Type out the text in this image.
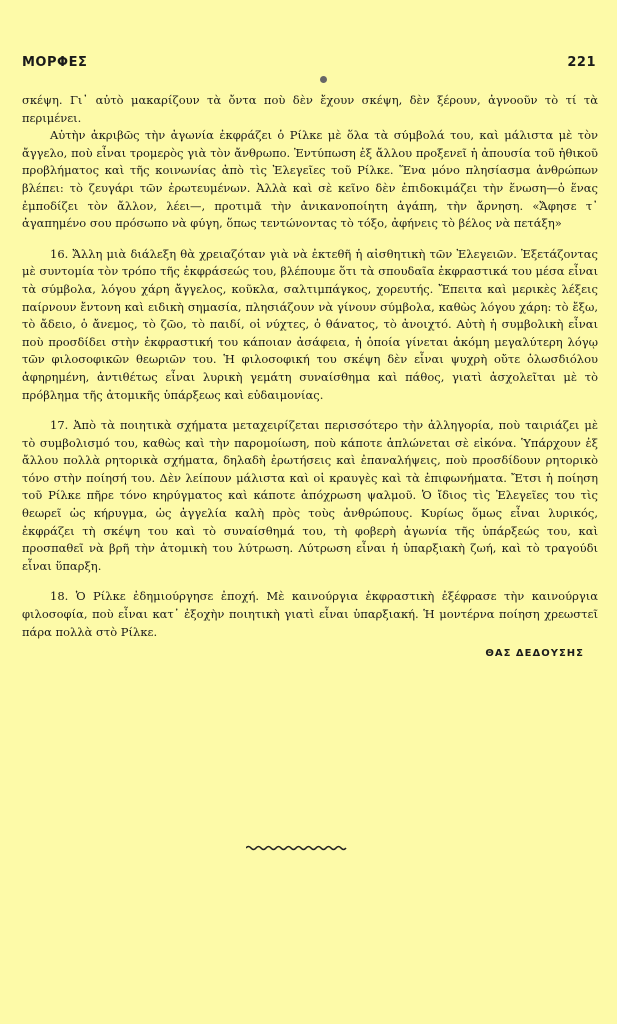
ΜΟΡΦΕΣ	221

σκέψη. Γι᾽ αὐτὸ μακαρίζουν τὰ ὄντα ποὺ δὲν ἔχουν σκέψη, δὲν ξέρουν, ἀγνοοῦν τὸ τί τὰ περιμένει.

Αὐτὴν ἀκριβῶς τὴν ἀγωνία ἐκφράζει ὁ Ρίλκε μὲ ὅλα τὰ σύμβολά του, καὶ μάλιστα μὲ τὸν ἄγγελο, ποὺ εἶναι τρομερὸς γιὰ τὸν ἄνθρωπο. Ἐντύπωση ἐξ ἄλλου προξενεῖ ἡ ἀπουσία τοῦ ἠθικοῦ προβλήματος καὶ τῆς κοινωνίας ἀπὸ τὶς Ἐλεγεῖες τοῦ Ρίλκε. Ἕνα μόνο πλησίασμα ἀνθρώπων βλέπει: τὸ ζευγάρι τῶν ἐρωτευμένων. Ἀλλὰ καὶ σὲ κεῖνο δὲν ἐπιδοκιμάζει τὴν ἕνωση—ὁ ἕνας ἐμποδίζει τὸν ἄλλον, λέει—, προτιμᾶ τὴν ἀνικανοποίητη ἀγάπη, τὴν ἄρνηση. «Ἄφησε τ᾽ ἀγαπημένο σου πρόσωπο νὰ φύγη, ὅπως τεντώνοντας τὸ τόξο, ἀφήνεις τὸ βέλος νὰ πετάξη»

16. Ἄλλη μιὰ διάλεξη θὰ χρειαζόταν γιὰ νὰ ἐκτεθῆ ἡ αἰσθητικὴ τῶν Ἐλεγειῶν. Ἐξετάζοντας μὲ συντομία τὸν τρόπο τῆς ἐκφράσεώς του, βλέπουμε ὅτι τὰ σπουδαῖα ἐκφραστικά του μέσα εἶναι τὰ σύμβολα, λόγου χάρη ἄγγελος, κοῦκλα, σαλτιμπάγκος, χορευτής. Ἔπειτα καὶ μερικὲς λέξεις παίρνουν ἔντονη καὶ ειδικὴ σημασία, πλησιάζουν νὰ γίνουν σύμβολα, καθὼς λόγου χάρη: τὸ ἔξω, τὸ ἄδειο, ὁ ἄνεμος, τὸ ζῶο, τὸ παιδί, οἱ νύχτες, ὁ θάνατος, τὸ ἀνοιχτό. Αὐτὴ ἡ συμβολικὴ εἶναι ποὺ προσδίδει στὴν ἐκφραστική του κάποιαν ἀσάφεια, ἡ ὁποία γίνεται ἀκόμη μεγαλύτερη λόγῳ τῶν φιλοσοφικῶν θεωριῶν του. Ἡ φιλοσοφική του σκέψη δὲν εἶναι ψυχρὴ οὔτε ὁλωσδιόλου ἀφηρημένη, ἀντιθέτως εἶναι λυρικὴ γεμάτη συναίσθημα καὶ πάθος, γιατὶ ἀσχολεῖται μὲ τὸ πρόβλημα τῆς ἀτομικῆς ὑπάρξεως καὶ εὐδαιμονίας.

17. Ἀπὸ τὰ ποιητικὰ σχήματα μεταχειρίζεται περισσότερο τὴν ἀλληγορία, ποὺ ταιριάζει μὲ τὸ συμβολισμό του, καθὼς καὶ τὴν παρομοίωση, ποὺ κάποτε ἁπλώνεται σὲ εἰκόνα. Ὑπάρχουν ἐξ ἄλλου πολλὰ ρητορικὰ σχήματα, δηλαδὴ ἐρωτήσεις καὶ ἐπαναλήψεις, ποὺ προσδίδουν ρητορικὸ τόνο στὴν ποίησή του. Δὲν λείπουν μάλιστα καὶ οἱ κραυγὲς καὶ τὰ ἐπιφωνήματα. Ἔτσι ἡ ποίηση τοῦ Ρίλκε πῆρε τόνο κηρύγματος καὶ κάποτε ἀπόχρωση ψαλμοῦ. Ὁ ἴδιος τὶς Ἐλεγεῖες του τὶς θεωρεῖ ὡς κήρυγμα, ὡς ἀγγελία καλὴ πρὸς τοὺς ἀνθρώπους. Κυρίως ὅμως εἶναι λυρικός, ἐκφράζει τὴ σκέψη του καὶ τὸ συναίσθημά του, τὴ φοβερὴ ἀγωνία τῆς ὑπάρξεώς του, καὶ προσπαθεῖ νὰ βρῆ τὴν ἀτομικὴ του λύτρωση. Λύτρωση εἶναι ἡ ὑπαρξιακὴ ζωή, καὶ τὸ τραγούδι εἶναι ὕπαρξη.

18. Ὁ Ρίλκε ἐδημιούργησε ἐποχή. Μὲ καινούργια ἐκφραστικὴ ἐξέφρασε τὴν καινούργια φιλοσοφία, ποὺ εἶναι κατ᾽ ἐξοχὴν ποιητικὴ γιατὶ εἶναι ὑπαρξιακή. Ἡ μοντέρνα ποίηση χρεωστεῖ πάρα πολλὰ στὸ Ρίλκε.

ΘΑΣ ΔΕΔΟΥΣΗΣ
